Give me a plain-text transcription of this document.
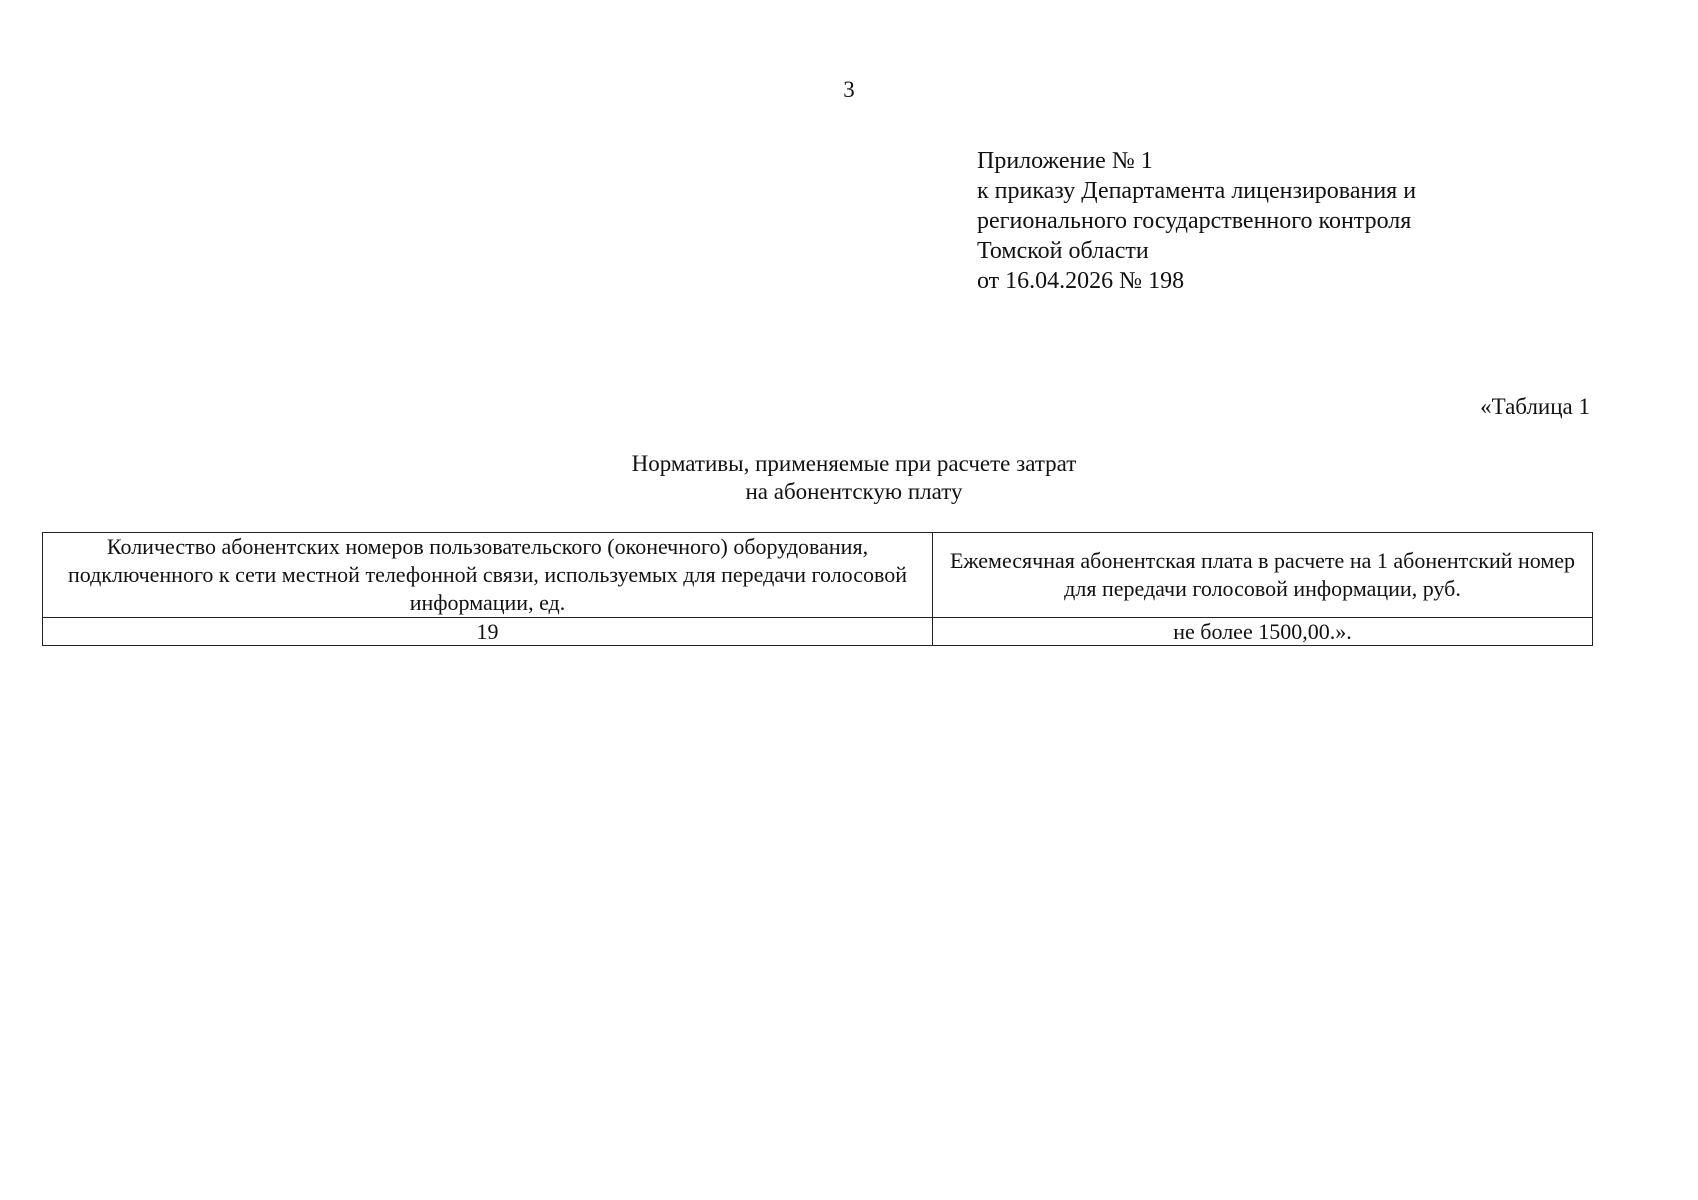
3
Приложение № 1
к приказу Департамента лицензирования и
регионального государственного контроля
Томской области
от 16.04.2026 № 198
«Таблица 1
Нормативы, применяемые при расчете затрат
на абонентскую плату
Количество абонентских номеров пользовательского (оконечного) оборудования, подключенного к сети местной телефонной связи, используемых для передачи голосовой информации, ед.	Ежемесячная абонентская плата в расчете на 1 абонентский номер для передачи голосовой информации, руб.
19	не более 1500,00.».
